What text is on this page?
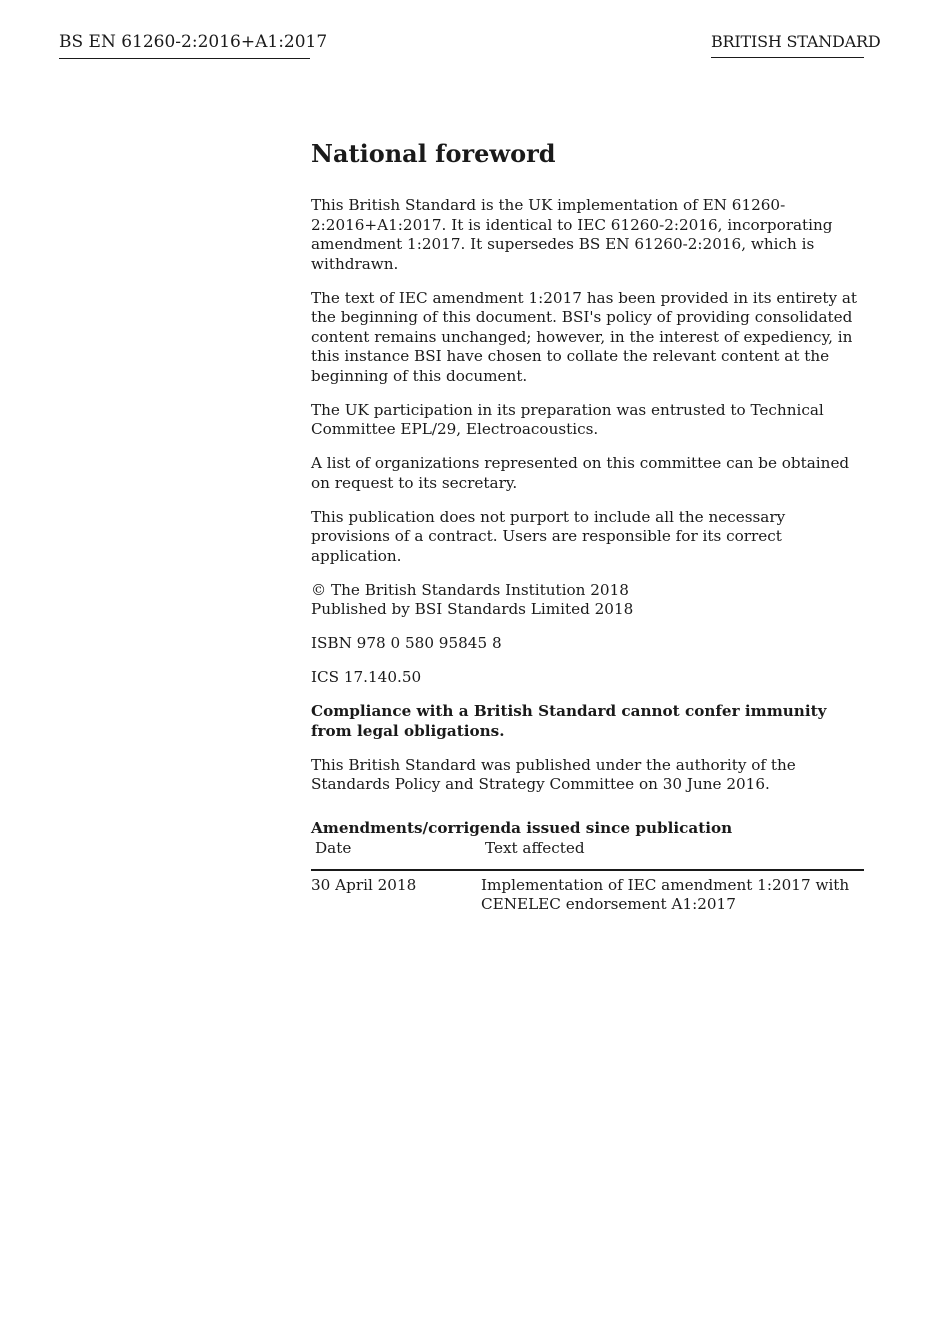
BS EN 61260-2:2016+A1:2017	BRITISH STANDARD
National foreword

This British Standard is the UK implementation of EN 61260-2:2016+A1:2017. It is identical to IEC 61260-2:2016, incorporating amendment 1:2017. It supersedes BS EN 61260-2:2016, which is withdrawn.

The text of IEC amendment 1:2017 has been provided in its entirety at the beginning of this document. BSI's policy of providing consolidated content remains unchanged; however, in the interest of expediency, in this instance BSI have chosen to collate the relevant content at the beginning of this document.

The UK participation in its preparation was entrusted to Technical Committee EPL/29, Electroacoustics.

A list of organizations represented on this committee can be obtained on request to its secretary.

This publication does not purport to include all the necessary provisions of a contract. Users are responsible for its correct application.

© The British Standards Institution 2018
Published by BSI Standards Limited 2018

ISBN 978 0 580 95845 8

ICS 17.140.50

Compliance with a British Standard cannot confer immunity from legal obligations.

This British Standard was published under the authority of the Standards Policy and Strategy Committee on 30 June 2016.

Amendments/corrigenda issued since publication
Date	Text affected
30 April 2018	Implementation of IEC amendment 1:2017 with
CENELEC endorsement A1:2017
